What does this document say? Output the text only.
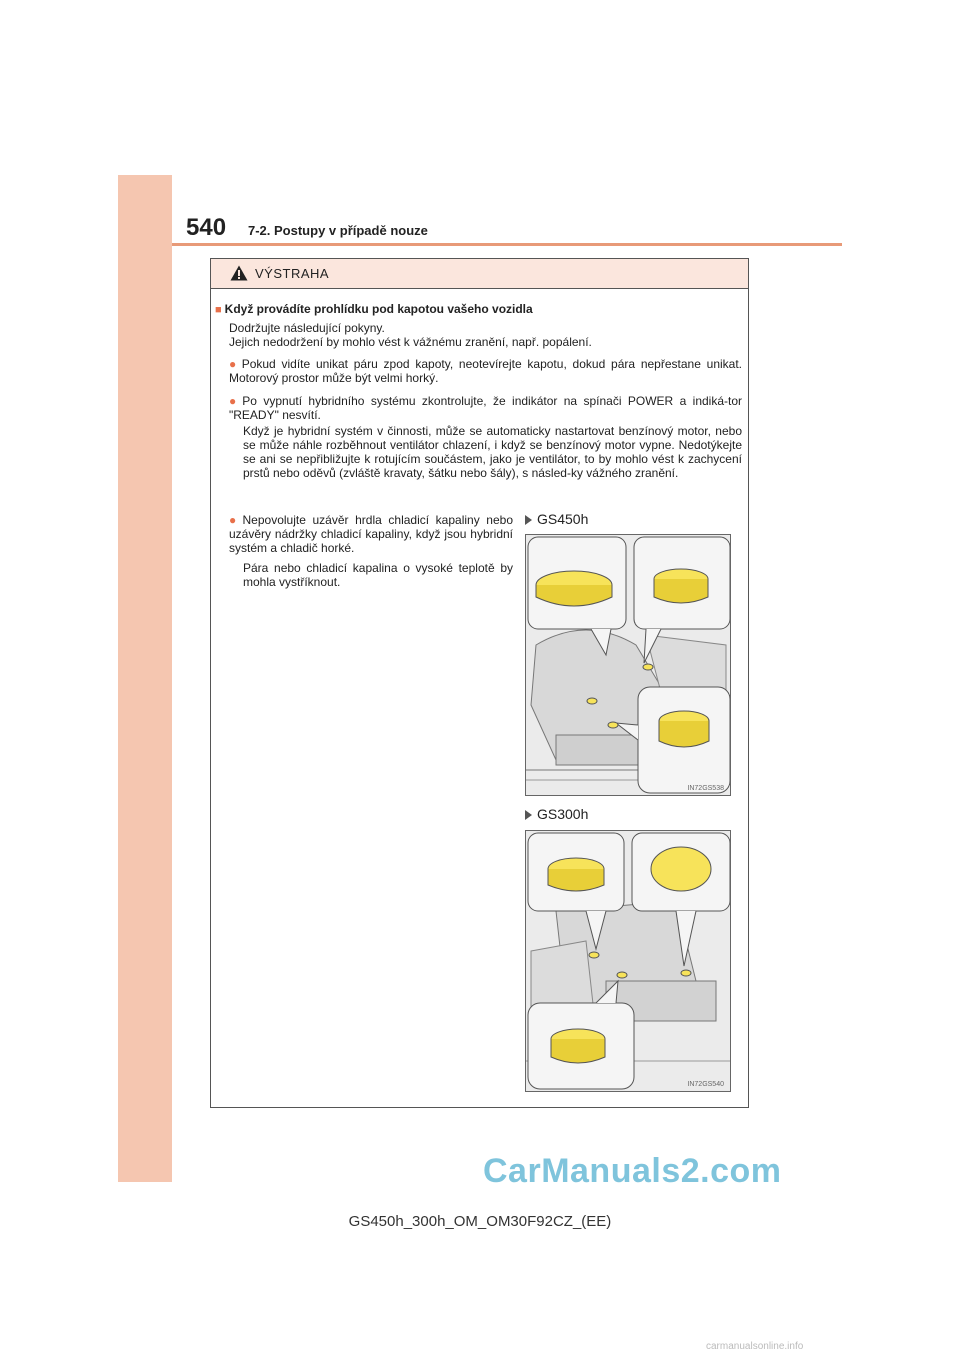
540 7-2. Postupy v případě nouze
VÝSTRAHA
■ Když provádíte prohlídku pod kapotou vašeho vozidla
Dodržujte následující pokyny.
Jejich nedodržení by mohlo vést k vážnému zranění, např. popálení.
● Pokud vidíte unikat páru zpod kapoty, neotevírejte kapotu, dokud pára nepřestane unikat. Motorový prostor může být velmi horký.
● Po vypnutí hybridního systému zkontrolujte, že indikátor na spínači POWER a indiká-tor "READY" nesvítí.
Když je hybridní systém v činnosti, může se automaticky nastartovat benzínový motor, nebo se může náhle rozběhnout ventilátor chlazení, i když se benzínový motor vypne. Nedotýkejte se ani se nepřibližujte k rotujícím součástem, jako je ventilátor, to by mohlo vést k zachycení prstů nebo oděvů (zvláště kravaty, šátku nebo šály), s násled-ky vážného zranění.
● Nepovolujte uzávěr hrdla chladicí kapaliny nebo uzávěry nádržky chladicí kapaliny, když jsou hybridní systém a chladič horké.
Pára nebo chladicí kapalina o vysoké teplotě by mohla vystříknout.
GS450h
IN72GS538
GS300h
IN72GS540
GS450h_300h_OM_OM30F92CZ_(EE)
CarManuals2.com
carmanualsonline.info
